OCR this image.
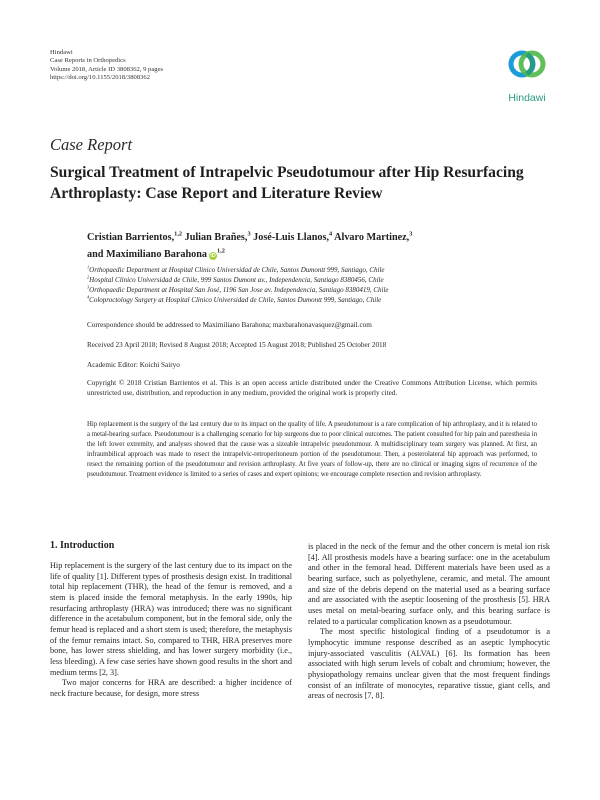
Hindawi
Case Reports in Orthopedics
Volume 2018, Article ID 3808362, 9 pages
https://doi.org/10.1155/2018/3808362
Hindawi
Case Report
Surgical Treatment of Intrapelvic Pseudotumour after Hip Resurfacing Arthroplasty: Case Report and Literature Review
Cristian Barrientos,$^{1,2}$ Julian Brañes,$^3$ José-Luis Llanos,$^4$ Alvaro Martinez,$^3$
and Maximiliano Barahona iD$^{1,2}$
$^1$Orthopaedic Department at Hospital Clinico Universidad de Chile, Santos Dumontt 999, Santiago, Chile
$^2$Hospital Clinico Universidad de Chile, 999 Santos Dumont av., Independencia, Santiago 8380456, Chile
$^3$Orthopaedic Department at Hospital San José, 1196 San Jose av. Independencia, Santiago 8380419, Chile
$^4$Coloproctology Surgery at Hospital Clinico Universidad de Chile, Santos Dumontt 999, Santiago, Chile
Correspondence should be addressed to Maximiliano Barahona; maxbarahonavasquez@gmail.com
Received 23 April 2018; Revised 8 August 2018; Accepted 15 August 2018; Published 25 October 2018
Academic Editor: Koichi Sairyo
Copyright © 2018 Cristian Barrientos et al. This is an open access article distributed under the Creative Commons Attribution License, which permits unrestricted use, distribution, and reproduction in any medium, provided the original work is properly cited.
Hip replacement is the surgery of the last century due to its impact on the quality of life. A pseudotumour is a rare complication of hip arthroplasty, and it is related to a metal-bearing surface. Pseudotumour is a challenging scenario for hip surgeons due to poor clinical outcomes. The patient consulted for hip pain and paresthesia in the left lower extremity, and analyses showed that the cause was a sizeable intrapelvic pseudotumour. A multidisciplinary team surgery was planned. At first, an infraumbilical approach was made to resect the intrapelvic-retroperitoneum portion of the pseudotumour. Then, a posterolateral hip approach was performed, to resect the remaining portion of the pseudotumour and revision arthroplasty. At five years of follow-up, there are no clinical or imaging signs of recurrence of the pseudotumour. Treatment evidence is limited to a series of cases and expert opinions; we encourage complete resection and revision arthroplasty.
1. Introduction

Hip replacement is the surgery of the last century due to its impact on the life of quality [1]. Different types of prosthesis design exist. In traditional total hip replacement (THR), the head of the femur is removed, and a stem is placed inside the femoral metaphysis. In the early 1990s, hip resurfacing arthroplasty (HRA) was introduced; there was no significant difference in the acetabulum component, but in the femoral side, only the femur head is replaced and a short stem is used; therefore, the metaphysis of the femur remains intact. So, compared to THR, HRA preserves more bone, has lower stress shielding, and has lower surgery morbidity (i.e., less bleeding). A few case series have shown good results in the short and medium terms [2, 3].

Two major concerns for HRA are described: a higher incidence of neck fracture because, for design, more stress

is placed in the neck of the femur and the other concern is metal ion risk [4]. All prosthesis models have a bearing surface: one in the acetabulum and other in the femoral head. Different materials have been used as a bearing surface, such as polyethylene, ceramic, and metal. The amount and size of the debris depend on the material used as a bearing surface and are associated with the aseptic loosening of the prosthesis [5]. HRA uses metal on metal-bearing surface only, and this bearing surface is related to a particular complication known as a pseudotumour.

The most specific histological finding of a pseudotumor is a lymphocytic immune response described as an aseptic lymphocytic injury-associated vasculitis (ALVAL) [6]. Its formation has been associated with high serum levels of cobalt and chromium; however, the physiopathology remains unclear given that the most frequent findings consist of an infiltrate of monocytes, reparative tissue, giant cells, and areas of necrosis [7, 8].
